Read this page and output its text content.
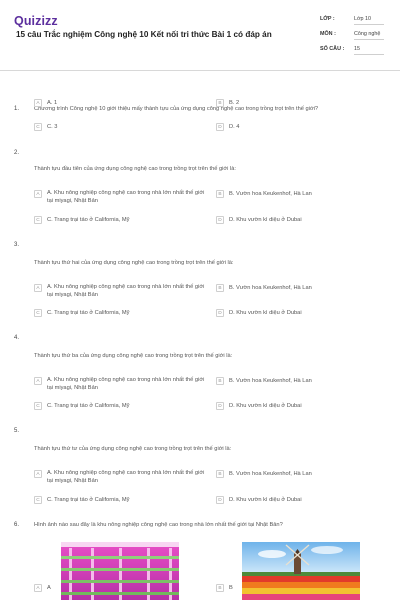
Quizizz
15 câu Trắc nghiệm Công nghệ 10 Kết nối tri thức Bài 1 có đáp án
LỚP :	Lớp 10
MÔN :	Công nghệ
SỐ CÂU : 15
1.	Chương trình Công nghệ 10 giới thiệu mấy thành tựu của ứng dụng công nghệ cao trong trồng trọt trên thế giới?
A	A. 1	B	B. 2
C	C. 3	D	D. 4
2.
Thành tựu đầu tiên của ứng dụng công nghệ cao trong trồng trọt trên thế giới là:
A	A. Khu nông nghiệp công nghệ cao trong nhà lớn nhất thế giới tại miyagi, Nhật Bản
B	B. Vườn hoa Keukenhof, Hà Lan
C	C. Trang trại táo ở California, Mỹ	D	D. Khu vườn kì diệu ở Dubai
3.
Thành tựu thứ hai của ứng dụng công nghệ cao trong trồng trọt trên thế giới là:
A	A. Khu nông nghiệp công nghệ cao trong nhà lớn nhất thế giới tại miyagi, Nhật Bản
B	B. Vườn hoa Keukenhof, Hà Lan
C	C. Trang trại táo ở California, Mỹ	D	D. Khu vườn kì diệu ở Dubai
4.
Thành tựu thứ ba của ứng dụng công nghệ cao trong trồng trọt trên thế giới là:
A	A. Khu nông nghiệp công nghệ cao trong nhà lớn nhất thế giới tại miyagi, Nhật Bản
B	B. Vườn hoa Keukenhof, Hà Lan
C	C. Trang trại táo ở California, Mỹ	D	D. Khu vườn kì diệu ở Dubai
5.
Thành tựu thứ tư của ứng dụng công nghệ cao trong trồng trọt trên thế giới là:
A	A. Khu nông nghiệp công nghệ cao trong nhà lớn nhất thế giới tại miyagi, Nhật Bản
B	B. Vườn hoa Keukenhof, Hà Lan
C	C. Trang trại táo ở California, Mỹ	D	D. Khu vườn kì diệu ở Dubai
6.	Hình ảnh nào sau đây là khu nông nghiệp công nghệ cao trong nhà lớn nhất thế giới tại Nhật Bản?
A	A	B	B
